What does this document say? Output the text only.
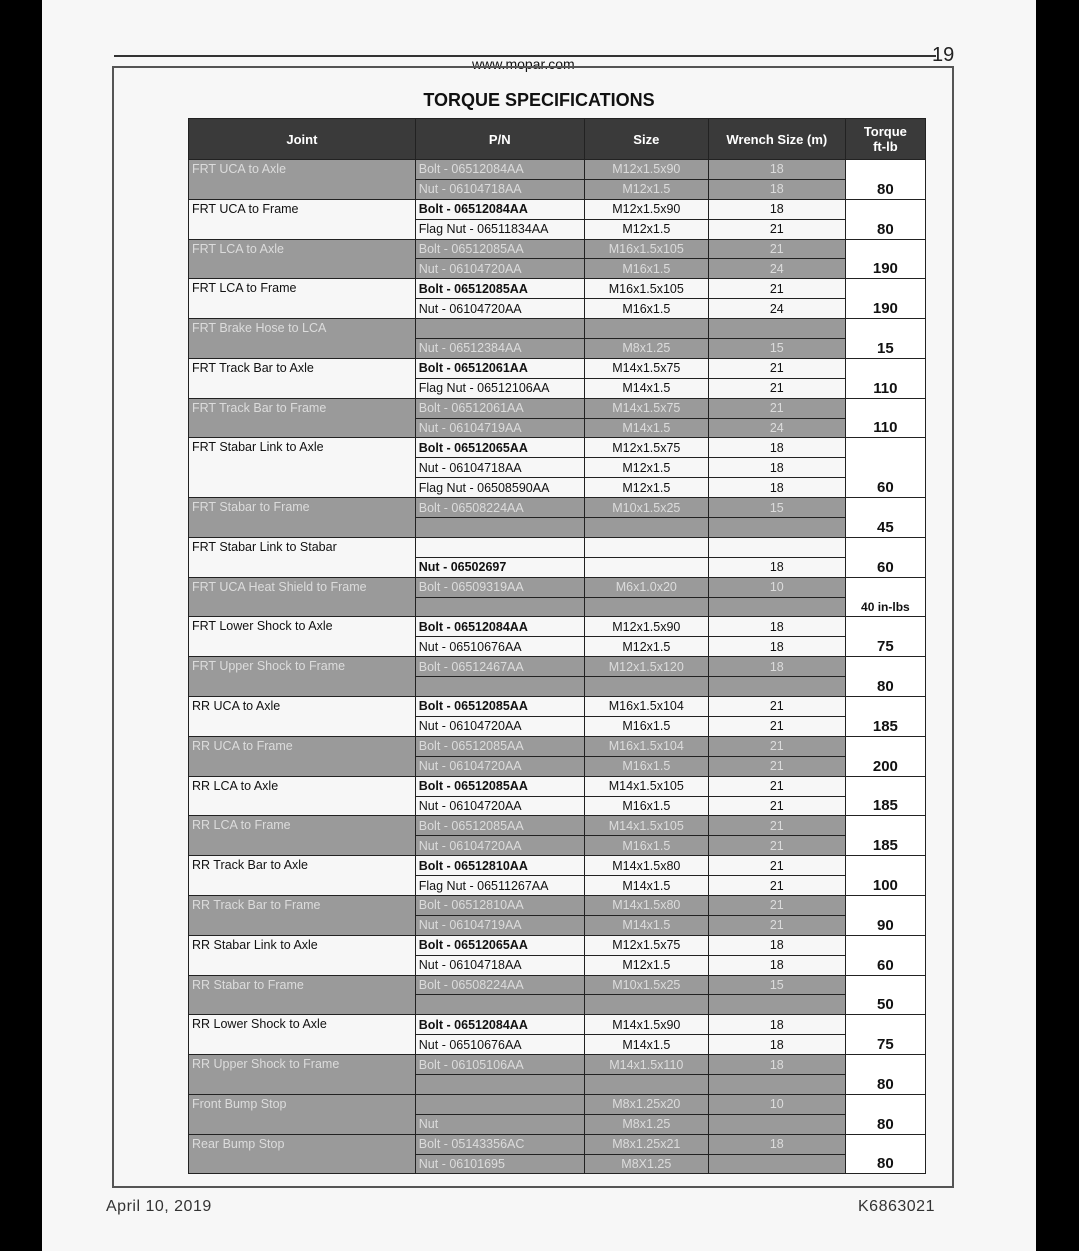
19
www.mopar.com
TORQUE SPECIFICATIONS
Joint	P/N	Size	Wrench Size (m)	Torque
ft-lb

FRT UCA to Axle	Bolt - 06512084AA	M12x1.5x90	18	80
	Nut - 06104718AA	M12x1.5	18	
FRT UCA to Frame	Bolt - 06512084AA	M12x1.5x90	18	80
	Flag Nut - 06511834AA	M12x1.5	21	
FRT LCA to Axle	Bolt - 06512085AA	M16x1.5x105	21	190
	Nut - 06104720AA	M16x1.5	24	
FRT LCA to Frame	Bolt - 06512085AA	M16x1.5x105	21	190
	Nut - 06104720AA	M16x1.5	24	
FRT Brake Hose to LCA				15
	Nut - 06512384AA	M8x1.25	15	
FRT Track Bar to Axle	Bolt - 06512061AA	M14x1.5x75	21	110
	Flag Nut - 06512106AA	M14x1.5	21	
FRT Track Bar to Frame	Bolt - 06512061AA	M14x1.5x75	21	110
	Nut - 06104719AA	M14x1.5	24	
FRT Stabar Link to Axle	Bolt - 06512065AA	M12x1.5x75	18	60
	Nut - 06104718AA	M12x1.5	18	
	Flag Nut - 06508590AA	M12x1.5	18	
FRT Stabar to Frame	Bolt - 06508224AA	M10x1.5x25	15	45

FRT Stabar Link to Stabar				60
	Nut - 06502697		18	
FRT UCA Heat Shield to Frame	Bolt - 06509319AA	M6x1.0x20	10	40 in-lbs

FRT Lower Shock to Axle	Bolt - 06512084AA	M12x1.5x90	18	75
	Nut - 06510676AA	M12x1.5	18	
FRT Upper Shock to Frame	Bolt - 06512467AA	M12x1.5x120	18	80

RR UCA to Axle	Bolt - 06512085AA	M16x1.5x104	21	185
	Nut - 06104720AA	M16x1.5	21	
RR UCA to Frame	Bolt - 06512085AA	M16x1.5x104	21	200
	Nut - 06104720AA	M16x1.5	21	
RR LCA to Axle	Bolt - 06512085AA	M14x1.5x105	21	185
	Nut - 06104720AA	M16x1.5	21	
RR LCA to Frame	Bolt - 06512085AA	M14x1.5x105	21	185
	Nut - 06104720AA	M16x1.5	21	
RR Track Bar to Axle	Bolt - 06512810AA	M14x1.5x80	21	100
	Flag Nut - 06511267AA	M14x1.5	21	
RR Track Bar to Frame	Bolt - 06512810AA	M14x1.5x80	21	90
	Nut - 06104719AA	M14x1.5	21	
RR Stabar Link to Axle	Bolt - 06512065AA	M12x1.5x75	18	60
	Nut - 06104718AA	M12x1.5	18	
RR Stabar to Frame	Bolt - 06508224AA	M10x1.5x25	15	50

RR Lower Shock to Axle	Bolt - 06512084AA	M14x1.5x90	18	75
	Nut - 06510676AA	M14x1.5	18	
RR Upper Shock to Frame	Bolt - 06105106AA	M14x1.5x110	18	80

Front Bump Stop		M8x1.25x20	10	80
	Nut	M8x1.25		
Rear Bump Stop	Bolt - 05143356AC	M8x1.25x21	18	80
	Nut - 06101695	M8X1.25		
April 10, 2019	K6863021
